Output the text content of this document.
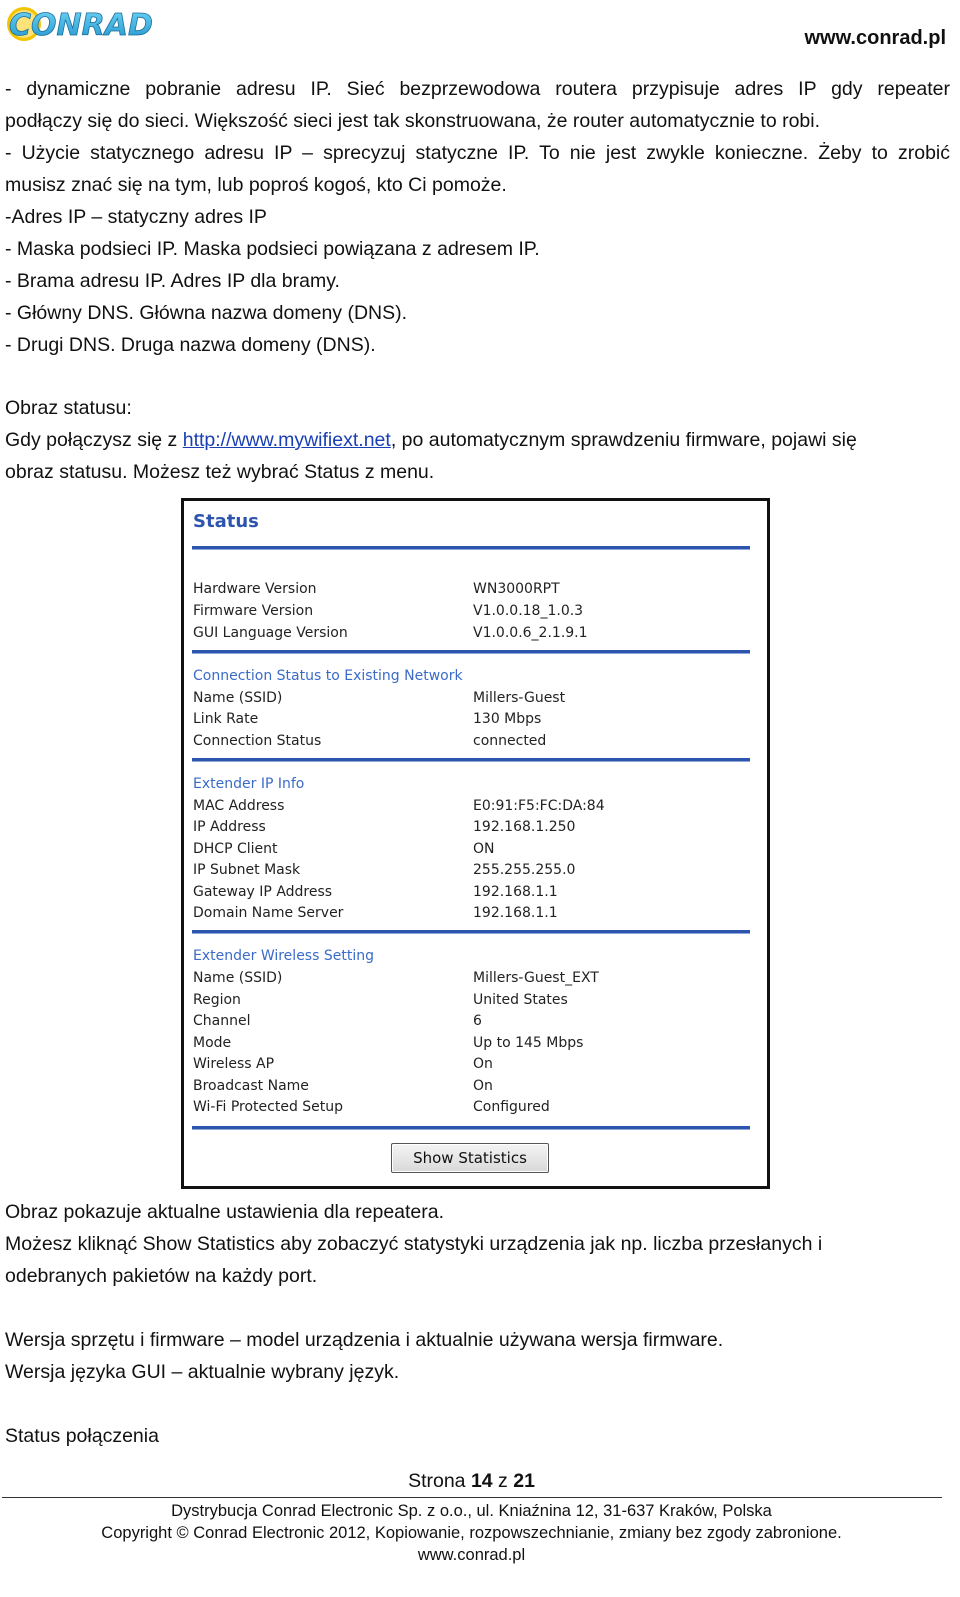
CONRAD	www.conrad.pl

- dynamiczne pobranie adresu IP. Sieć bezprzewodowa routera przypisuje adres IP gdy repeater

podłączy się do sieci. Większość sieci jest tak skonstruowana, że router automatycznie to robi.

- Użycie statycznego adresu IP – sprecyzuj statyczne IP. To nie jest zwykle konieczne. Żeby to zrobić

musisz znać się na tym, lub poproś kogoś, kto Ci pomoże.

-Adres IP – statyczny adres IP

- Maska podsieci IP. Maska podsieci powiązana z adresem IP.

- Brama adresu IP. Adres IP dla bramy.

- Główny DNS. Główna nazwa domeny (DNS).

- Drugi DNS. Druga nazwa domeny (DNS).

Obraz statusu:

Gdy połączysz się z http://www.mywifiext.net, po automatycznym sprawdzeniu firmware, pojawi się

obraz statusu. Możesz też wybrać Status z menu.

Status
Hardware Version	WN3000RPT
Firmware Version	V1.0.0.18_1.0.3
GUI Language Version	V1.0.0.6_2.1.9.1
Connection Status to Existing Network
Name (SSID)	Millers-Guest
Link Rate	130 Mbps
Connection Status	connected
Extender IP Info
MAC Address	E0:91:F5:FC:DA:84
IP Address	192.168.1.250
DHCP Client	ON
IP Subnet Mask	255.255.255.0
Gateway IP Address	192.168.1.1
Domain Name Server	192.168.1.1
Extender Wireless Setting
Name (SSID)	Millers-Guest_EXT
Region	United States
Channel	6
Mode	Up to 145 Mbps
Wireless AP	On
Broadcast Name	On
Wi-Fi Protected Setup	Configured
Show Statistics

Obraz pokazuje aktualne ustawienia dla repeatera.

Możesz kliknąć Show Statistics aby zobaczyć statystyki urządzenia jak np. liczba przesłanych i

odebranych pakietów na każdy port.

Wersja sprzętu i firmware – model urządzenia i aktualnie używana wersja firmware.

Wersja języka GUI – aktualnie wybrany język.

Status połączenia

Strona 14 z 21
Dystrybucja Conrad Electronic Sp. z o.o., ul. Kniaźnina 12, 31-637 Kraków, Polska
Copyright © Conrad Electronic 2012, Kopiowanie, rozpowszechnianie, zmiany bez zgody zabronione.
www.conrad.pl
